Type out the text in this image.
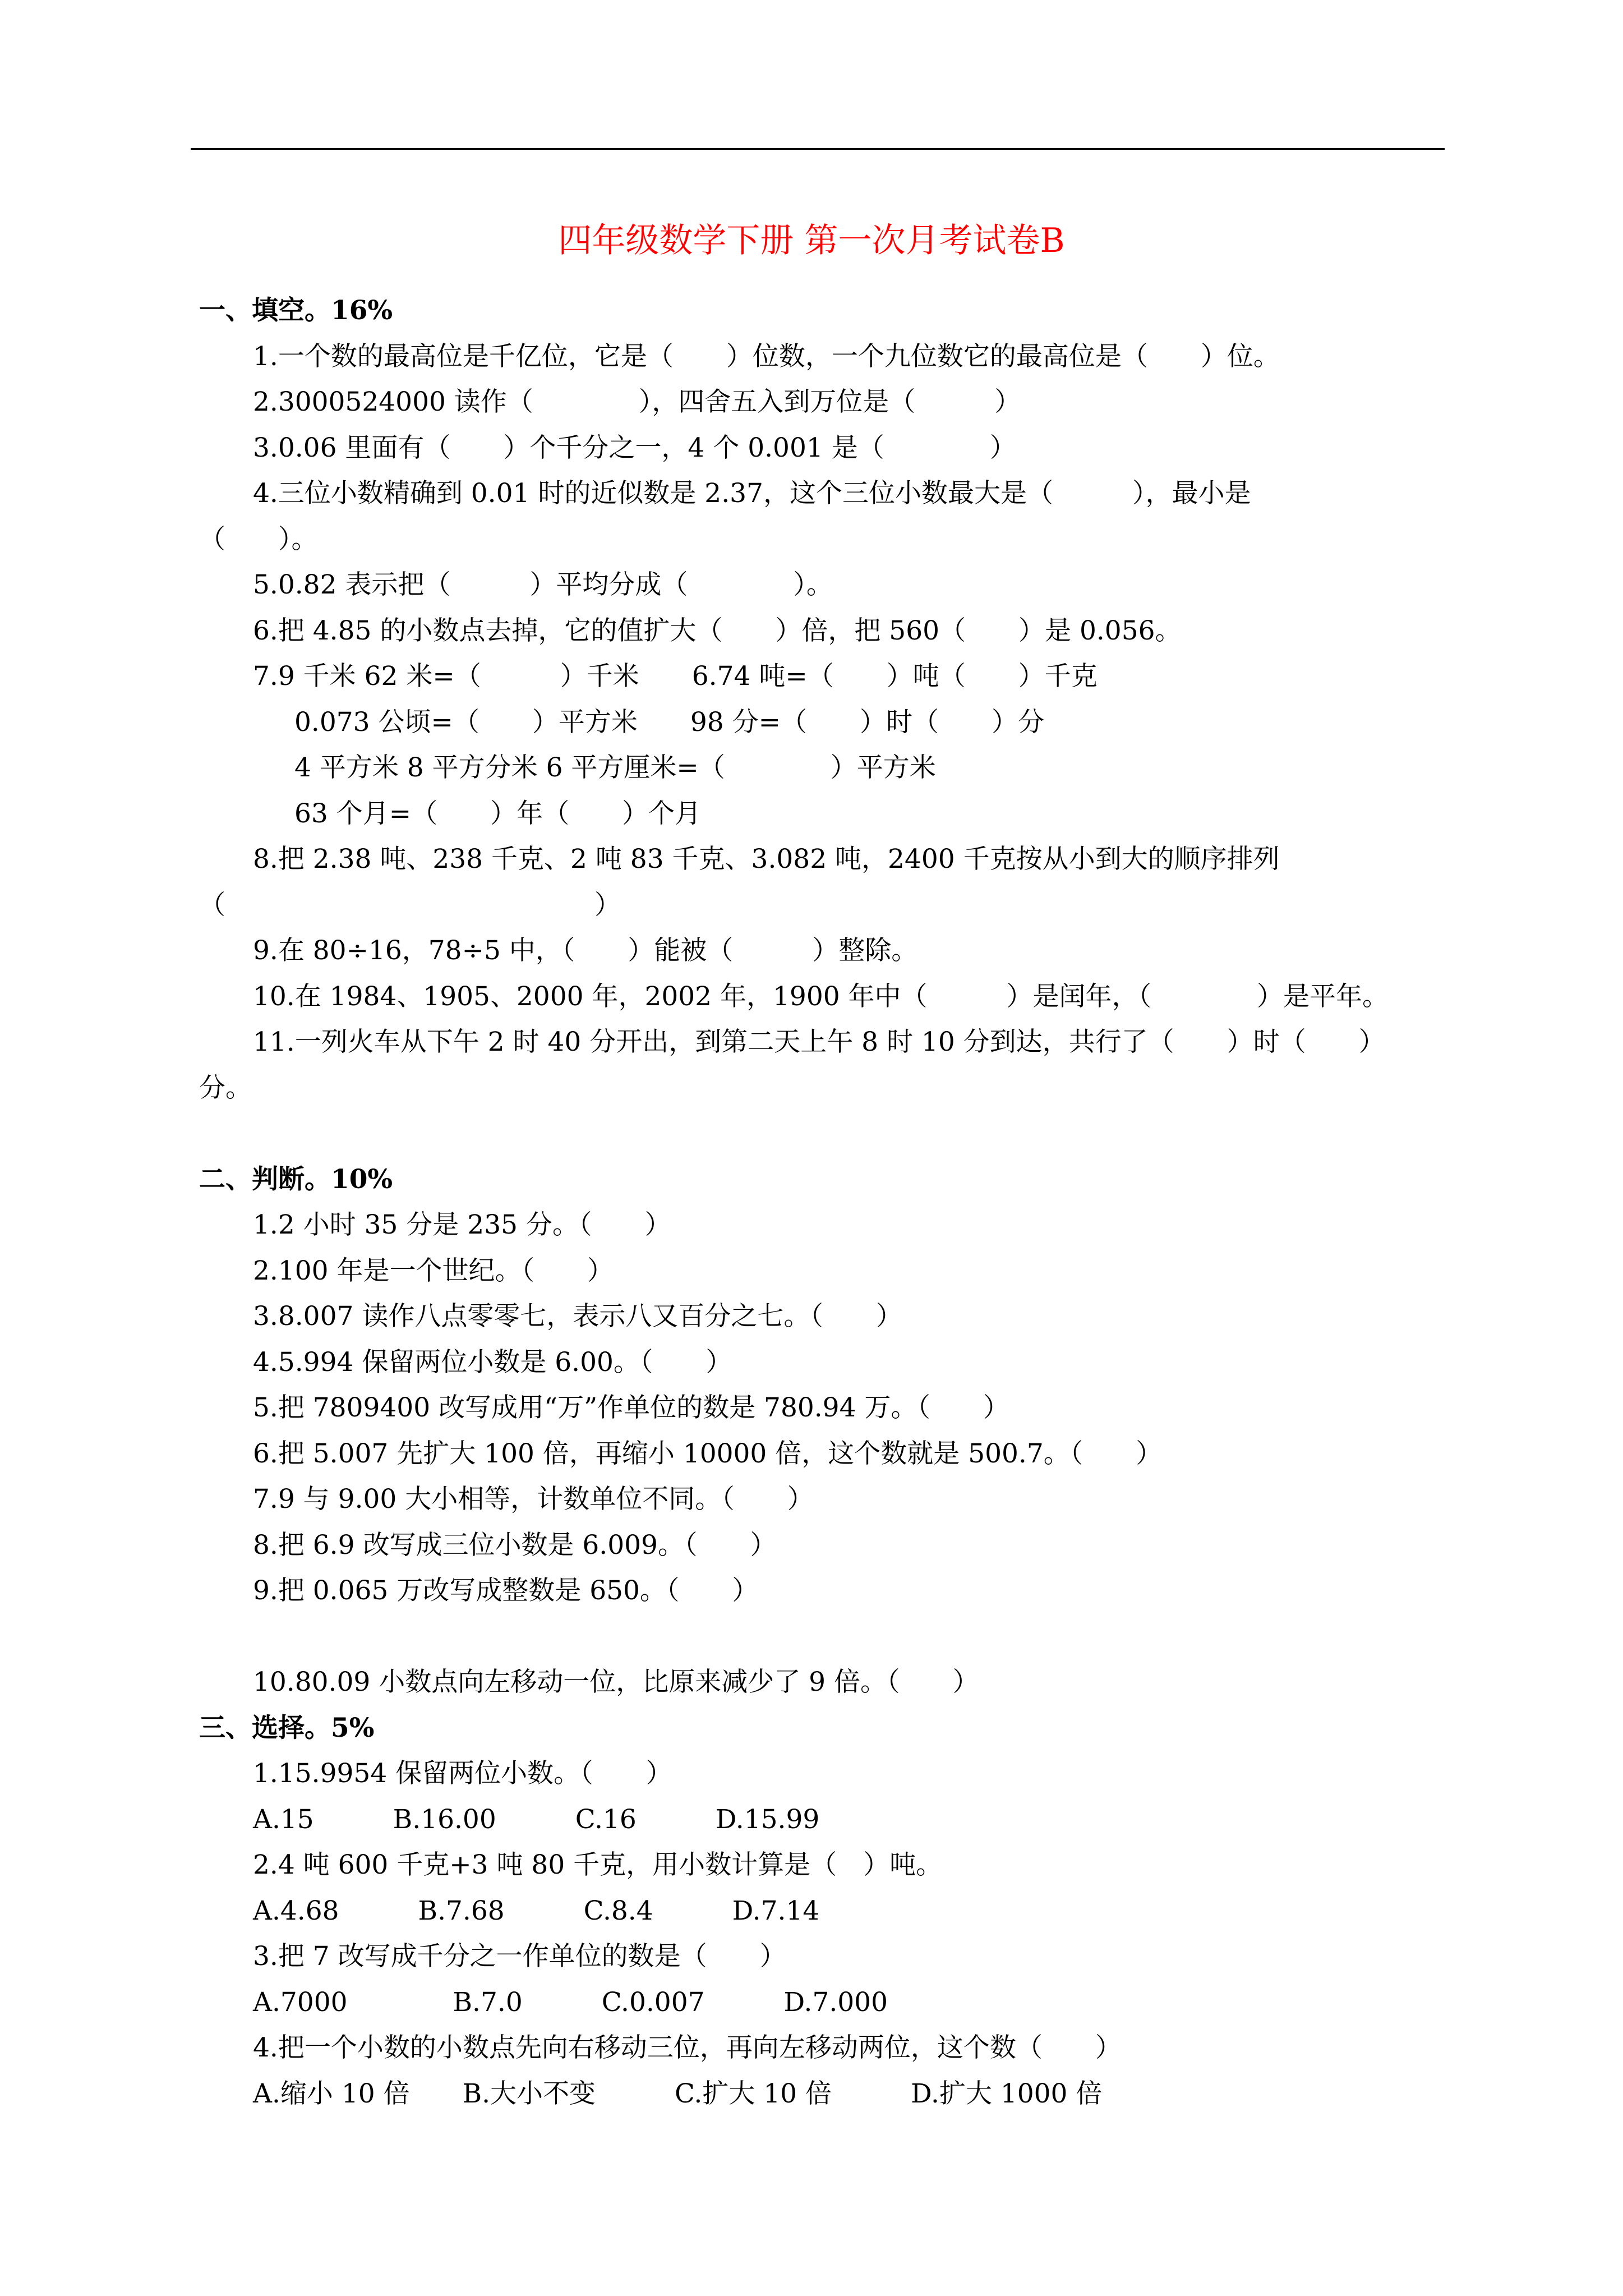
四年级数学下册 第一次月考试卷B
一、填空。16%
1.一个数的最高位是千亿位，它是（　　）位数，一个九位数它的最高位是（　　）位。
2.3000524000 读作（　　　　），四舍五入到万位是（　　　）
3.0.06 里面有（　　）个千分之一，4 个 0.001 是（　　　　）
4.三位小数精确到 0.01 时的近似数是 2.37，这个三位小数最大是（　　　），最小是
（　　）。
5.0.82 表示把（　　　）平均分成（　　　　）。
6.把 4.85 的小数点去掉，它的值扩大（　　）倍，把 560（　　）是 0.056。
7.9 千米 62 米=（　　　）千米　　6.74 吨=（　　）吨（　　）千克
0.073 公顷=（　　）平方米　　98 分=（　　）时（　　）分
4 平方米 8 平方分米 6 平方厘米=（　　　　）平方米
63 个月=（　　）年（　　）个月
8.把 2.38 吨、238 千克、2 吨 83 千克、3.082 吨，2400 千克按从小到大的顺序排列
（　　　　　　　　　　　　　　）
9.在 80÷16，78÷5 中，（　　）能被（　　　）整除。
10.在 1984、1905、2000 年，2002 年，1900 年中（　　　）是闰年，（　　　　）是平年。
11.一列火车从下午 2 时 40 分开出，到第二天上午 8 时 10 分到达，共行了（　　）时（　　）
分。
二、判断。10%
1.2 小时 35 分是 235 分。（　　）
2.100 年是一个世纪。（　　）
3.8.007 读作八点零零七，表示八又百分之七。（　　）
4.5.994 保留两位小数是 6.00。（　　）
5.把 7809400 改写成用“万”作单位的数是 780.94 万。（　　）
6.把 5.007 先扩大 100 倍，再缩小 10000 倍，这个数就是 500.7。（　　）
7.9 与 9.00 大小相等，计数单位不同。（　　）
8.把 6.9 改写成三位小数是 6.009。（　　）
9.把 0.065 万改写成整数是 650。（　　）
10.80.09 小数点向左移动一位，比原来减少了 9 倍。（　　）
三、选择。5%
1.15.9954 保留两位小数。（　　）
A.15　　　B.16.00　　　C.16　　　D.15.99
2.4 吨 600 千克+3 吨 80 千克，用小数计算是（　）吨。
A.4.68　　　B.7.68　　　C.8.4　　　D.7.14
3.把 7 改写成千分之一作单位的数是（　　）
A.7000　　　　B.7.0　　　C.0.007　　　D.7.000
4.把一个小数的小数点先向右移动三位，再向左移动两位，这个数（　　）
A.缩小 10 倍　　B.大小不变　　　C.扩大 10 倍　　　D.扩大 1000 倍
